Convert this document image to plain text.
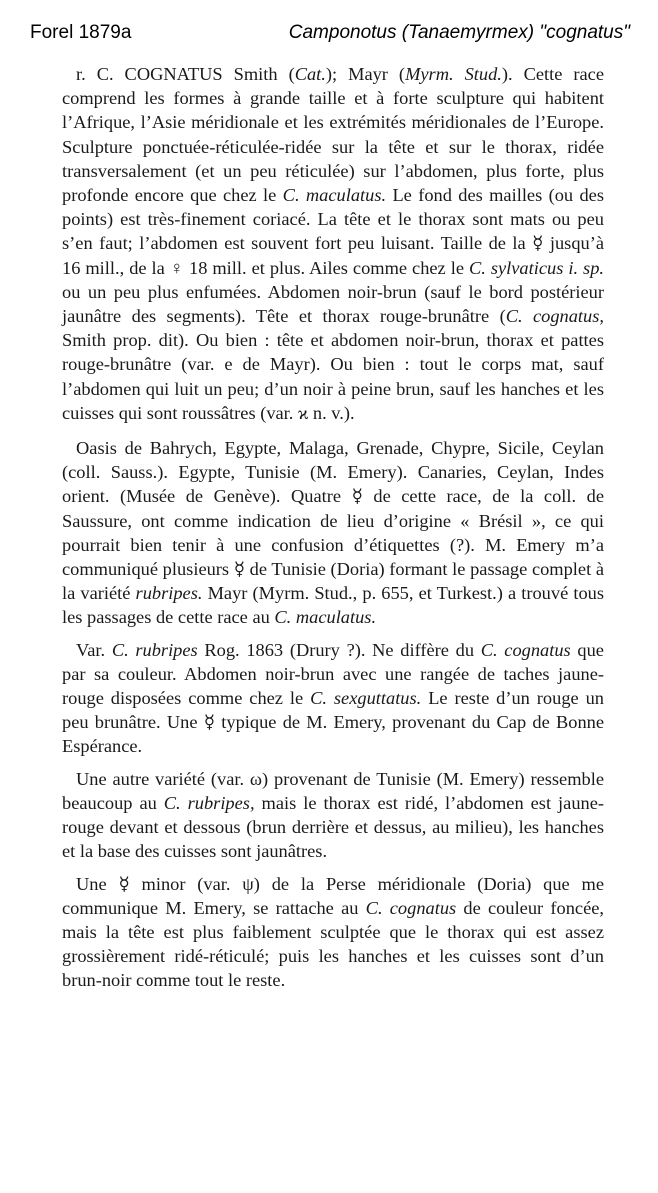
Forel 1879a	Camponotus (Tanaemyrmex) "cognatus"

r. C. COGNATUS Smith (Cat.); Mayr (Myrm. Stud.). Cette race comprend les formes à grande taille et à forte sculpture qui habitent l’Afrique, l’Asie méridionale et les extrémités méridionales de l’Europe. Sculpture ponctuée-réticulée-ridée sur la tête et sur le thorax, ridée transversalement (et un peu réticulée) sur l’abdomen, plus forte, plus profonde encore que chez le C. maculatus. Le fond des mailles (ou des points) est très-finement coriacé. La tête et le thorax sont mats ou peu s’en faut; l’abdomen est souvent fort peu luisant. Taille de la ☿ jusqu’à 16 mill., de la ♀ 18 mill. et plus. Ailes comme chez le C. sylvaticus i. sp. ou un peu plus enfumées. Abdomen noir-brun (sauf le bord postérieur jaunâtre des segments). Tête et thorax rouge-brunâtre (C. cognatus, Smith prop. dit). Ou bien : tête et abdomen noir-brun, thorax et pattes rouge-brunâtre (var. e de Mayr). Ou bien : tout le corps mat, sauf l’abdomen qui luit un peu; d’un noir à peine brun, sauf les hanches et les cuisses qui sont roussâtres (var. ϰ n. v.).

Oasis de Bahrych, Egypte, Malaga, Grenade, Chypre, Sicile, Ceylan (coll. Sauss.). Egypte, Tunisie (M. Emery). Canaries, Ceylan, Indes orient. (Musée de Genève). Quatre ☿ de cette race, de la coll. de Saussure, ont comme indication de lieu d’origine « Brésil », ce qui pourrait bien tenir à une confusion d’étiquettes (?). M. Emery m’a communiqué plusieurs ☿ de Tunisie (Doria) formant le passage complet à la variété rubripes. Mayr (Myrm. Stud., p. 655, et Turkest.) a trouvé tous les passages de cette race au C. maculatus.

Var. C. rubripes Rog. 1863 (Drury ?). Ne diffère du C. cognatus que par sa couleur. Abdomen noir-brun avec une rangée de taches jaune-rouge disposées comme chez le C. sexguttatus. Le reste d’un rouge un peu brunâtre. Une ☿ typique de M. Emery, provenant du Cap de Bonne Espérance.

Une autre variété (var. ω) provenant de Tunisie (M. Emery) ressemble beaucoup au C. rubripes, mais le thorax est ridé, l’abdomen est jaune-rouge devant et dessous (brun derrière et dessus, au milieu), les hanches et la base des cuisses sont jaunâtres.

Une ☿ minor (var. ψ) de la Perse méridionale (Doria) que me communique M. Emery, se rattache au C. cognatus de couleur foncée, mais la tête est plus faiblement sculptée que le thorax qui est assez grossièrement ridé-réticulé; puis les hanches et les cuisses sont d’un brun-noir comme tout le reste.
